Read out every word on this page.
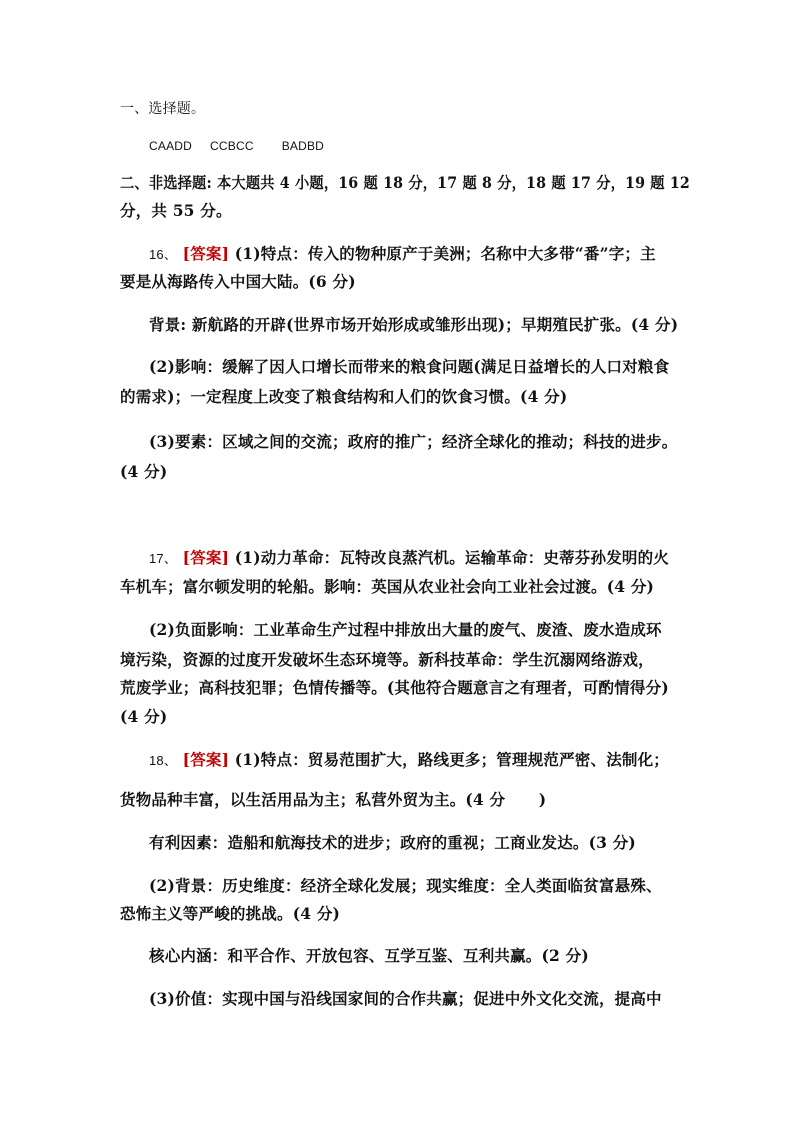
一、选择题。
CAADD CCBCC BADBD
二、非选择题: 本大题共 4 小题，16 题 18 分，17 题 8 分，18 题 17 分，19 题 12
分，共 55 分。
16、 [答案] (1)特点：传入的物种原产于美洲；名称中大多带“番”字；主
要是从海路传入中国大陆。(6 分)
背景: 新航路的开辟(世界市场开始形成或雏形出现)；早期殖民扩张。(4 分)
(2)影响：缓解了因人口增长而带来的粮食问题(满足日益增长的人口对粮食
的需求)；一定程度上改变了粮食结构和人们的饮食习惯。(4 分)
(3)要素：区域之间的交流；政府的推广；经济全球化的推动；科技的进步。
(4 分)
17、 [答案] (1)动力革命：瓦特改良蒸汽机。运输革命：史蒂芬孙发明的火
车机车；富尔顿发明的轮船。影响：英国从农业社会向工业社会过渡。(4 分)
(2)负面影响：工业革命生产过程中排放出大量的废气、废渣、废水造成环
境污染，资源的过度开发破坏生态环境等。新科技革命：学生沉溺网络游戏，
荒废学业；高科技犯罪；色情传播等。(其他符合题意言之有理者，可酌情得分)
(4 分)
18、 [答案] (1)特点：贸易范围扩大，路线更多；管理规范严密、法制化；
货物品种丰富，以生活用品为主；私营外贸为主。(4 分      )
有利因素：造船和航海技术的进步；政府的重视；工商业发达。(3 分)
(2)背景：历史维度：经济全球化发展；现实维度：全人类面临贫富悬殊、
恐怖主义等严峻的挑战。(4 分)
核心内涵：和平合作、开放包容、互学互鉴、互利共赢。(2 分)
(3)价值：实现中国与沿线国家间的合作共赢；促进中外文化交流，提高中
